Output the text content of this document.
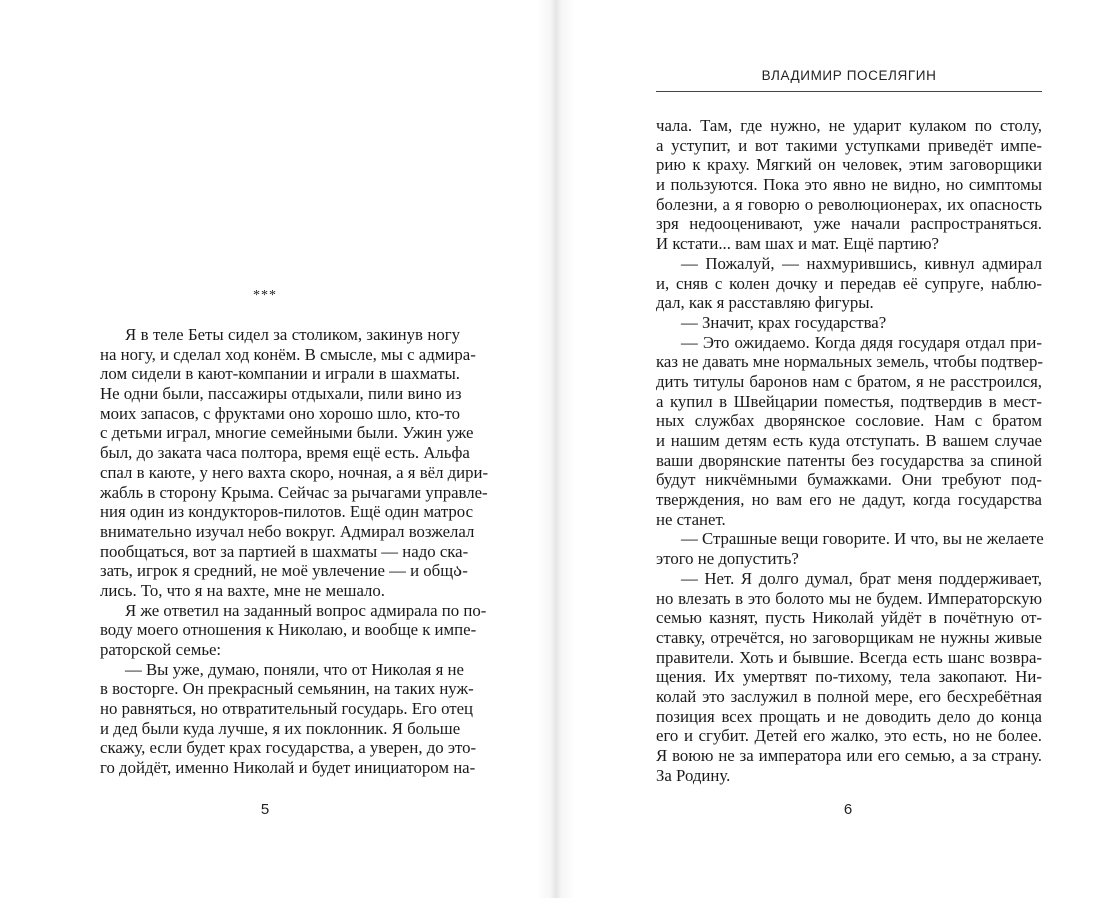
***
Я в теле Беты сидел за столиком, закинув ногу
на ногу, и сделал ход конём. В смысле, мы с адмира-
лом сидели в кают-компании и играли в шахматы.
Не одни были, пассажиры отдыхали, пили вино из
моих запасов, с фруктами оно хорошо шло, кто-то
с детьми играл, многие семейными были. Ужин уже
был, до заката часа полтора, время ещё есть. Альфа
спал в каюте, у него вахта скоро, ночная, а я вёл дири-
жабль в сторону Крыма. Сейчас за рычагами управле-
ния один из кондукторов-пилотов. Ещё один матрос
внимательно изучал небо вокруг. Адмирал возжелал
пообщаться, вот за партией в шахматы — надо ска-
зать, игрок я средний, не моё увлечение — и общა-
лись. То, что я на вахте, мне не мешало.
Я же ответил на заданный вопрос адмирала по по-
воду моего отношения к Николаю, и вообще к импе-
раторской семье:
— Вы уже, думаю, поняли, что от Николая я не
в восторге. Он прекрасный семьянин, на таких нуж-
но равняться, но отвратительный государь. Его отец
и дед были куда лучше, я их поклонник. Я больше
скажу, если будет крах государства, а уверен, до это-
го дойдёт, именно Николай и будет инициатором на-
5
ВЛАДИМИР ПОСЕЛЯГИН
чала. Там, где нужно, не ударит кулаком по столу,
а уступит, и вот такими уступками приведёт импе-
рию к краху. Мягкий он человек, этим заговорщики
и пользуются. Пока это явно не видно, но симптомы
болезни, а я говорю о революционерах, их опасность
зря недооценивают, уже начали распространяться.
И кстати... вам шах и мат. Ещё партию?
— Пожалуй, — нахмурившись, кивнул адмирал
и, сняв с колен дочку и передав её супруге, наблю-
дал, как я расставляю фигуры.
— Значит, крах государства?
— Это ожидаемо. Когда дядя государя отдал при-
каз не давать мне нормальных земель, чтобы подтвер-
дить титулы баронов нам с братом, я не расстроился,
а купил в Швейцарии поместья, подтвердив в мест-
ных службах дворянское сословие. Нам с братом
и нашим детям есть куда отступать. В вашем случае
ваши дворянские патенты без государства за спиной
будут никчёмными бумажками. Они требуют под-
тверждения, но вам его не дадут, когда государства
не станет.
— Страшные вещи говорите. И что, вы не желаете
этого не допустить?
— Нет. Я долго думал, брат меня поддерживает,
но влезать в это болото мы не будем. Императорскую
семью казнят, пусть Николай уйдёт в почётную от-
ставку, отречётся, но заговорщикам не нужны живые
правители. Хоть и бывшие. Всегда есть шанс возвра-
щения. Их умертвят по-тихому, тела закопают. Ни-
колай это заслужил в полной мере, его бесхребётная
позиция всех прощать и не доводить дело до конца
его и сгубит. Детей его жалко, это есть, но не более.
Я воюю не за императора или его семью, а за страну.
За Родину.
6
